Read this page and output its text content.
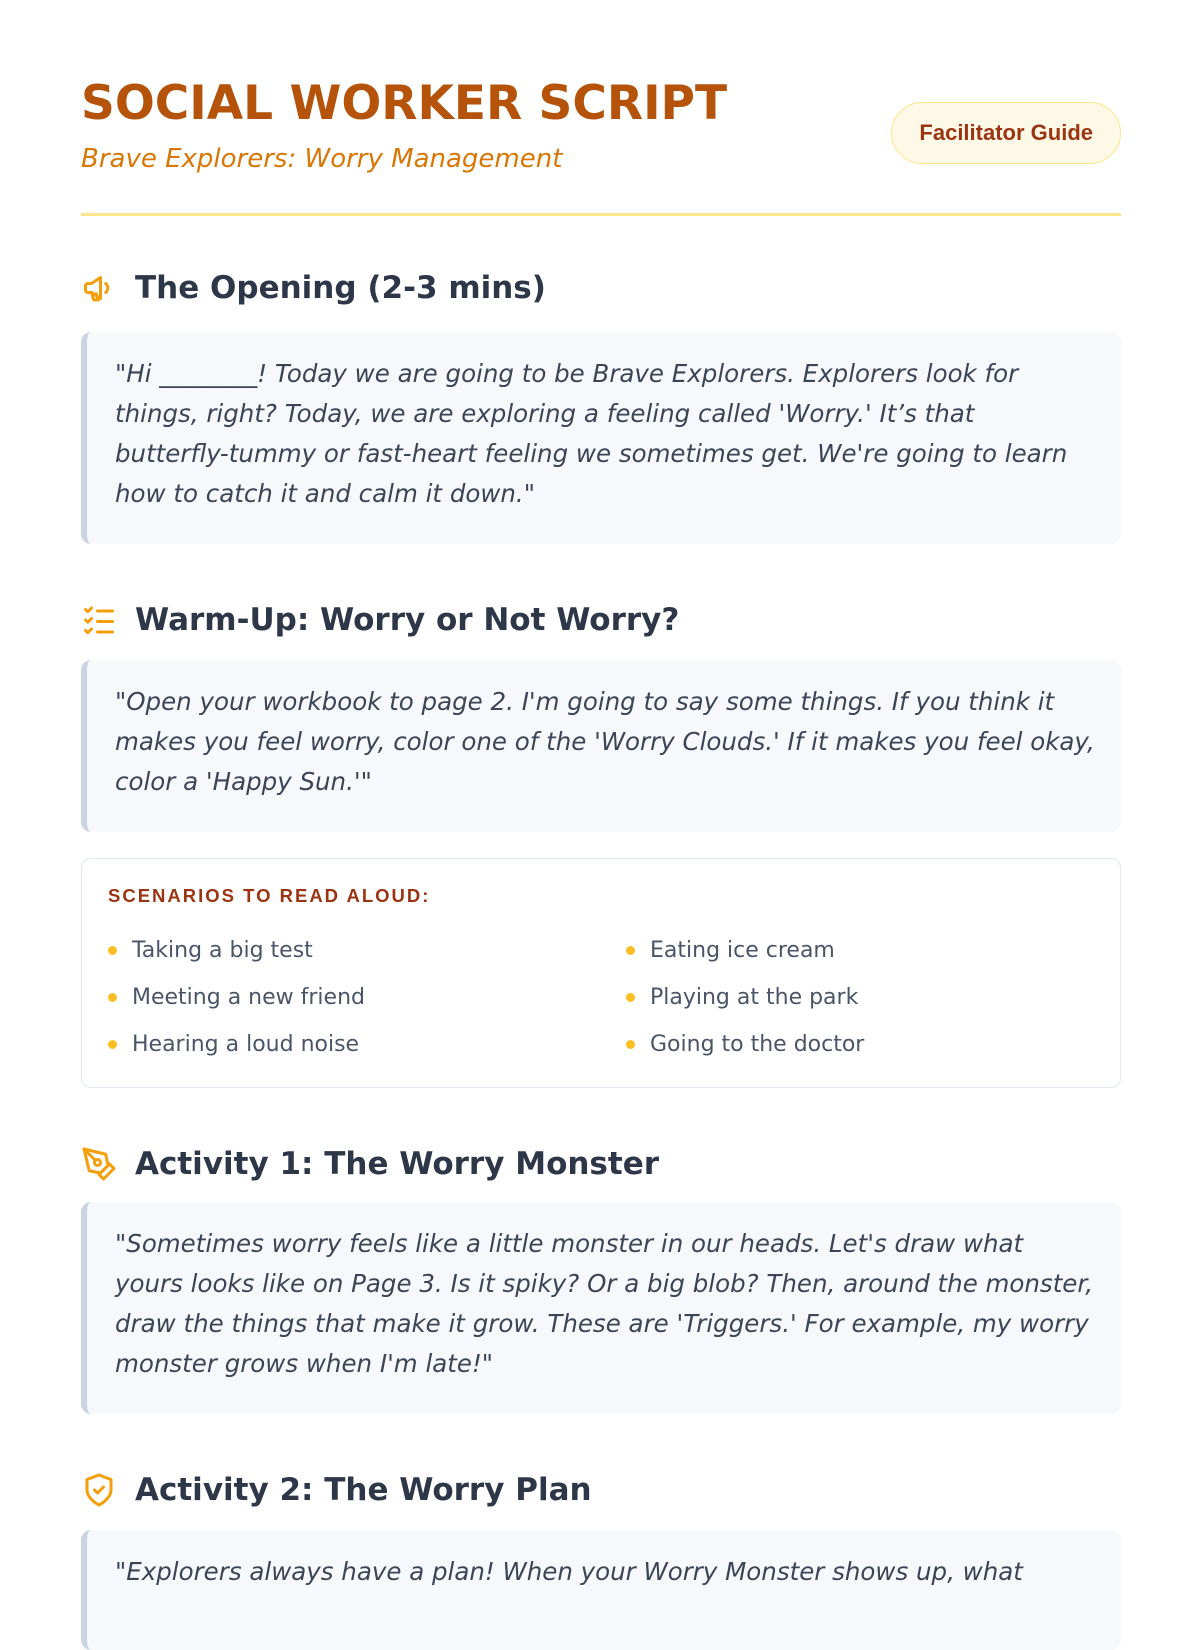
SOCIAL WORKER SCRIPT

Brave Explorers: Worry Management

Facilitator Guide
The Opening (2-3 mins)
"Hi ________! Today we are going to be Brave Explorers. Explorers look for things, right? Today, we are exploring a feeling called 'Worry.' It’s that butterfly-tummy or fast-heart feeling we sometimes get. We're going to learn how to catch it and calm it down."
Warm-Up: Worry or Not Worry?
"Open your workbook to page 2. I'm going to say some things. If you think it makes you feel worry, color one of the 'Worry Clouds.' If it makes you feel okay, color a 'Happy Sun.'"
SCENARIOS TO READ ALOUD:
Taking a big test	Eating ice cream
Meeting a new friend	Playing at the park
Hearing a loud noise	Going to the doctor
Activity 1: The Worry Monster
"Sometimes worry feels like a little monster in our heads. Let's draw what yours looks like on Page 3. Is it spiky? Or a big blob? Then, around the monster, draw the things that make it grow. These are 'Triggers.' For example, my worry monster grows when I'm late!"
Activity 2: The Worry Plan
"Explorers always have a plan! When your Worry Monster shows up, what
